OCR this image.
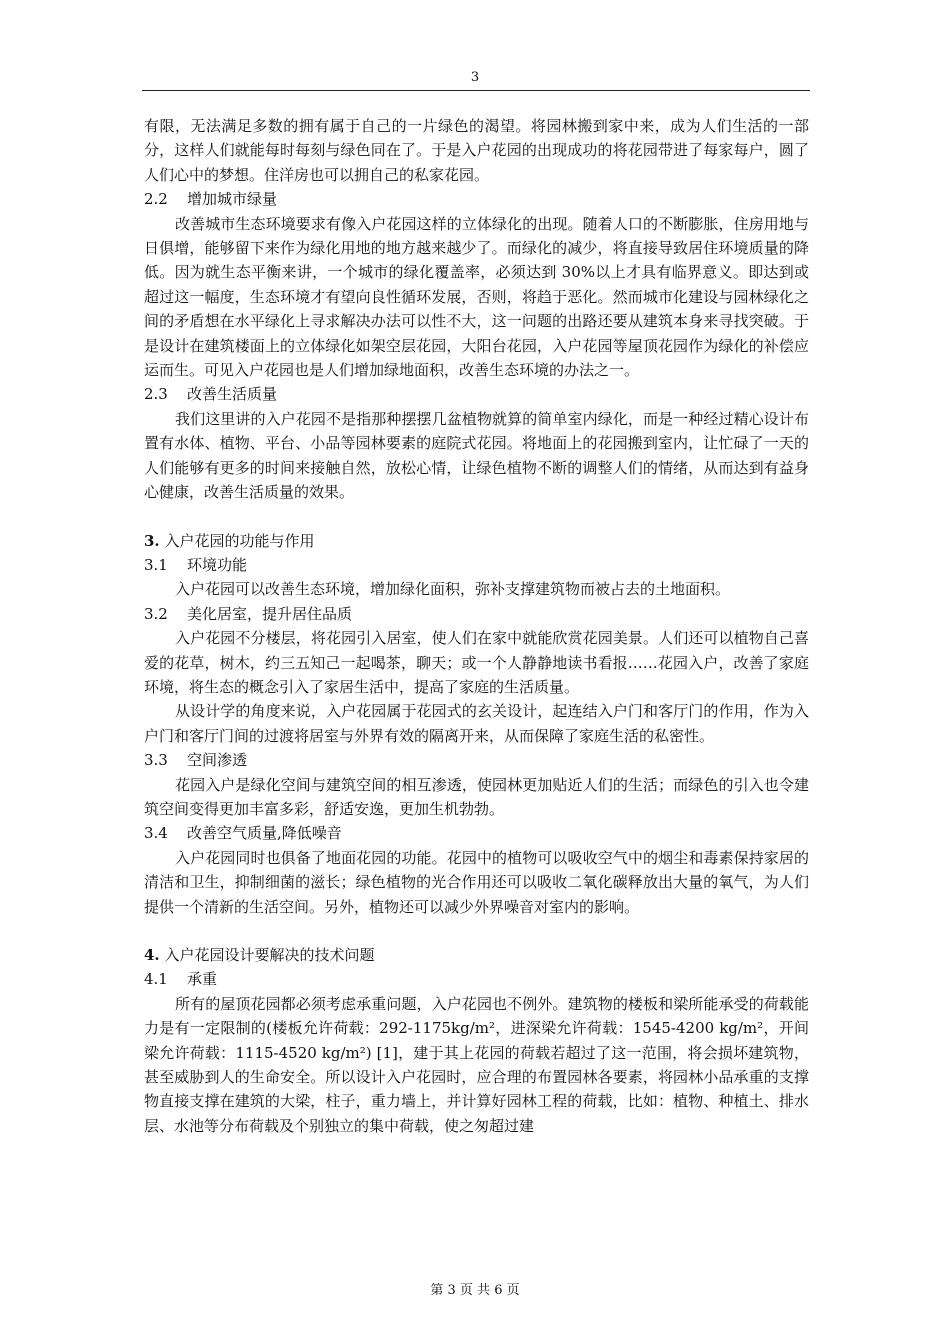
3

有限，无法满足多数的拥有属于自己的一片绿色的渴望。将园林搬到家中来，成为人们生活的一部分，这样人们就能每时每刻与绿色同在了。于是入户花园的出现成功的将花园带进了每家每户，圆了人们心中的梦想。住洋房也可以拥自己的私家花园。

2.2 增加城市绿量

改善城市生态环境要求有像入户花园这样的立体绿化的出现。随着人口的不断膨胀，住房用地与日俱增，能够留下来作为绿化用地的地方越来越少了。而绿化的减少，将直接导致居住环境质量的降低。因为就生态平衡来讲，一个城市的绿化覆盖率，必须达到 30%以上才具有临界意义。即达到或超过这一幅度，生态环境才有望向良性循环发展，否则，将趋于恶化。然而城市化建设与园林绿化之间的矛盾想在水平绿化上寻求解决办法可以性不大，这一问题的出路还要从建筑本身来寻找突破。于是设计在建筑楼面上的立体绿化如架空层花园，大阳台花园，入户花园等屋顶花园作为绿化的补偿应运而生。可见入户花园也是人们增加绿地面积，改善生态环境的办法之一。

2.3 改善生活质量

我们这里讲的入户花园不是指那种摆摆几盆植物就算的简单室内绿化，而是一种经过精心设计布置有水体、植物、平台、小品等园林要素的庭院式花园。将地面上的花园搬到室内，让忙碌了一天的人们能够有更多的时间来接触自然，放松心情，让绿色植物不断的调整人们的情绪，从而达到有益身心健康，改善生活质量的效果。

3. 入户花园的功能与作用

3.1 环境功能

入户花园可以改善生态环境，增加绿化面积，弥补支撑建筑物而被占去的土地面积。

3.2 美化居室，提升居住品质

入户花园不分楼层，将花园引入居室，使人们在家中就能欣赏花园美景。人们还可以植物自己喜爱的花草，树木，约三五知己一起喝茶，聊天；或一个人静静地读书看报……花园入户，改善了家庭环境，将生态的概念引入了家居生活中，提高了家庭的生活质量。

从设计学的角度来说，入户花园属于花园式的玄关设计，起连结入户门和客厅门的作用，作为入户门和客厅门间的过渡将居室与外界有效的隔离开来，从而保障了家庭生活的私密性。

3.3 空间渗透

花园入户是绿化空间与建筑空间的相互渗透，使园林更加贴近人们的生活；而绿色的引入也令建筑空间变得更加丰富多彩，舒适安逸，更加生机勃勃。

3.4 改善空气质量,降低噪音

入户花园同时也俱备了地面花园的功能。花园中的植物可以吸收空气中的烟尘和毒素保持家居的清洁和卫生，抑制细菌的滋长；绿色植物的光合作用还可以吸收二氧化碳释放出大量的氧气，为人们提供一个清新的生活空间。另外，植物还可以减少外界噪音对室内的影响。

4. 入户花园设计要解决的技术问题

4.1 承重

所有的屋顶花园都必须考虑承重问题，入户花园也不例外。建筑物的楼板和梁所能承受的荷载能力是有一定限制的(楼板允许荷载：292-1175kg/m²，进深梁允许荷载：1545-4200 kg/m²，开间梁允许荷载：1115-4520 kg/m²) [1]，建于其上花园的荷载若超过了这一范围，将会损坏建筑物，甚至威胁到人的生命安全。所以设计入户花园时，应合理的布置园林各要素，将园林小品承重的支撑物直接支撑在建筑的大梁，柱子，重力墙上，并计算好园林工程的荷载，比如：植物、种植土、排水层、水池等分布荷载及个别独立的集中荷载，使之匆超过建

第 3 页 共 6 页
